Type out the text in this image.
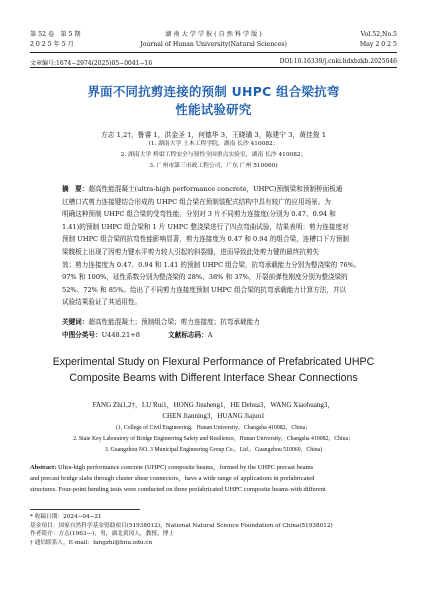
第 52 卷　第 5 期
2 0 2 5 年 5 月
湖 南 大 学 学 报 ( 自 然 科 学 版 )
Journal of Hunan University(Natural Sciences)
Vol.52,No.5
May 2 0 2 5
文章编号:1674−2974(2025)05−0041−16	DOI:10.16339/j.cnki.hdxbzkb.2025046
界面不同抗剪连接的预制 UHPC 组合梁抗弯
性能试验研究
方志 1,2†，鲁睿 1，洪金圣 1，何德华 3，王晓璜 3，陈建宁 3，黄佳俊 1
(1. 湖南大学 土木工程学院，湖南 长沙 410082；
2. 湖南大学 桥梁工程安全与韧性全国重点实验室，湖南 长沙 410082；
3. 广州市第三市政工程公司，广东 广州 510060)
摘　要：超高性能混凝土(ultra-high performance concrete，UHPC)预制梁和预制桥面板通
过槽口式剪力连接键结合形成的 UHPC 组合梁在预制装配式结构中具有较广的应用场景。为
明确这种预制 UHPC 组合梁的受弯性能，分别对 3 片不同剪力连接度(分别为 0.47、0.94 和
1.41)的预制 UHPC 组合梁和 1 片 UHPC 整浇梁进行了四点弯曲试验，结果表明：剪力连接度对
预制 UHPC 组合梁的抗弯性能影响显著，剪力连接度为 0.47 和 0.94 的组合梁，连槽口下方预制
梁腹板上出现了因剪力键水平剪力较大引起的斜裂缝，进而导致此处剪力键的最终抗剪失
效；剪力连接度为 0.47、0.94 和 1.41 的预制 UHPC 组合梁，抗弯承载能力分别为整浇梁的 76%、
97% 和 100%，延性系数分别为整浇梁的 28%、38% 和 37%，开裂前弹性刚度分别为整浇梁的
52%、72% 和 85%。给出了不同剪力连接度预制 UHPC 组合梁的抗弯承载能力计算方法，并以
试验结果验证了其适用性。
关键词：超高性能混凝土；预制组合梁；剪力连接度；抗弯承载能力
中图分类号：U448.21+8	文献标志码：A
Experimental Study on Flexural Performance of Prefabricated UHPC
Composite Beams with Different Interface Shear Connections
FANG Zhi1,2†，LU Rui1，HONG Jinsheng1，HE Dehua3，WANG Xiaohuang3，
CHEN Jianning3，HUANG Jiajun1
(1. College of Civil Engineering，Hunan University，Changsha 410082，China；
2. State Key Laboratory of Bridge Engineering Safety and Resilience，Hunan University，Changsha 410082，China；
3. Guangzhou NO. 3 Municipal Engineering Group Co.，Ltd.，Guangzhou 510060，China)
Abstract: Ultra-high performance concrete (UHPC) composite beams，formed by the UHPC precast beams
and precast bridge slabs through cluster shear connectors，have a wide range of applications in prefabricated
structures. Four-point bending tests were conducted on three prefabricated UHPC composite beams with different
* 收稿日期：2024−04−21
基金项目：国家自然科学基金资助项目(51938012)，National Natural Science Foundation of China(51938012)
作者简介：方志(1963—)，男，湖北黄冈人，教授，博士
† 通信联系人，E-mail：fangzhi@hnu.edu.cn
